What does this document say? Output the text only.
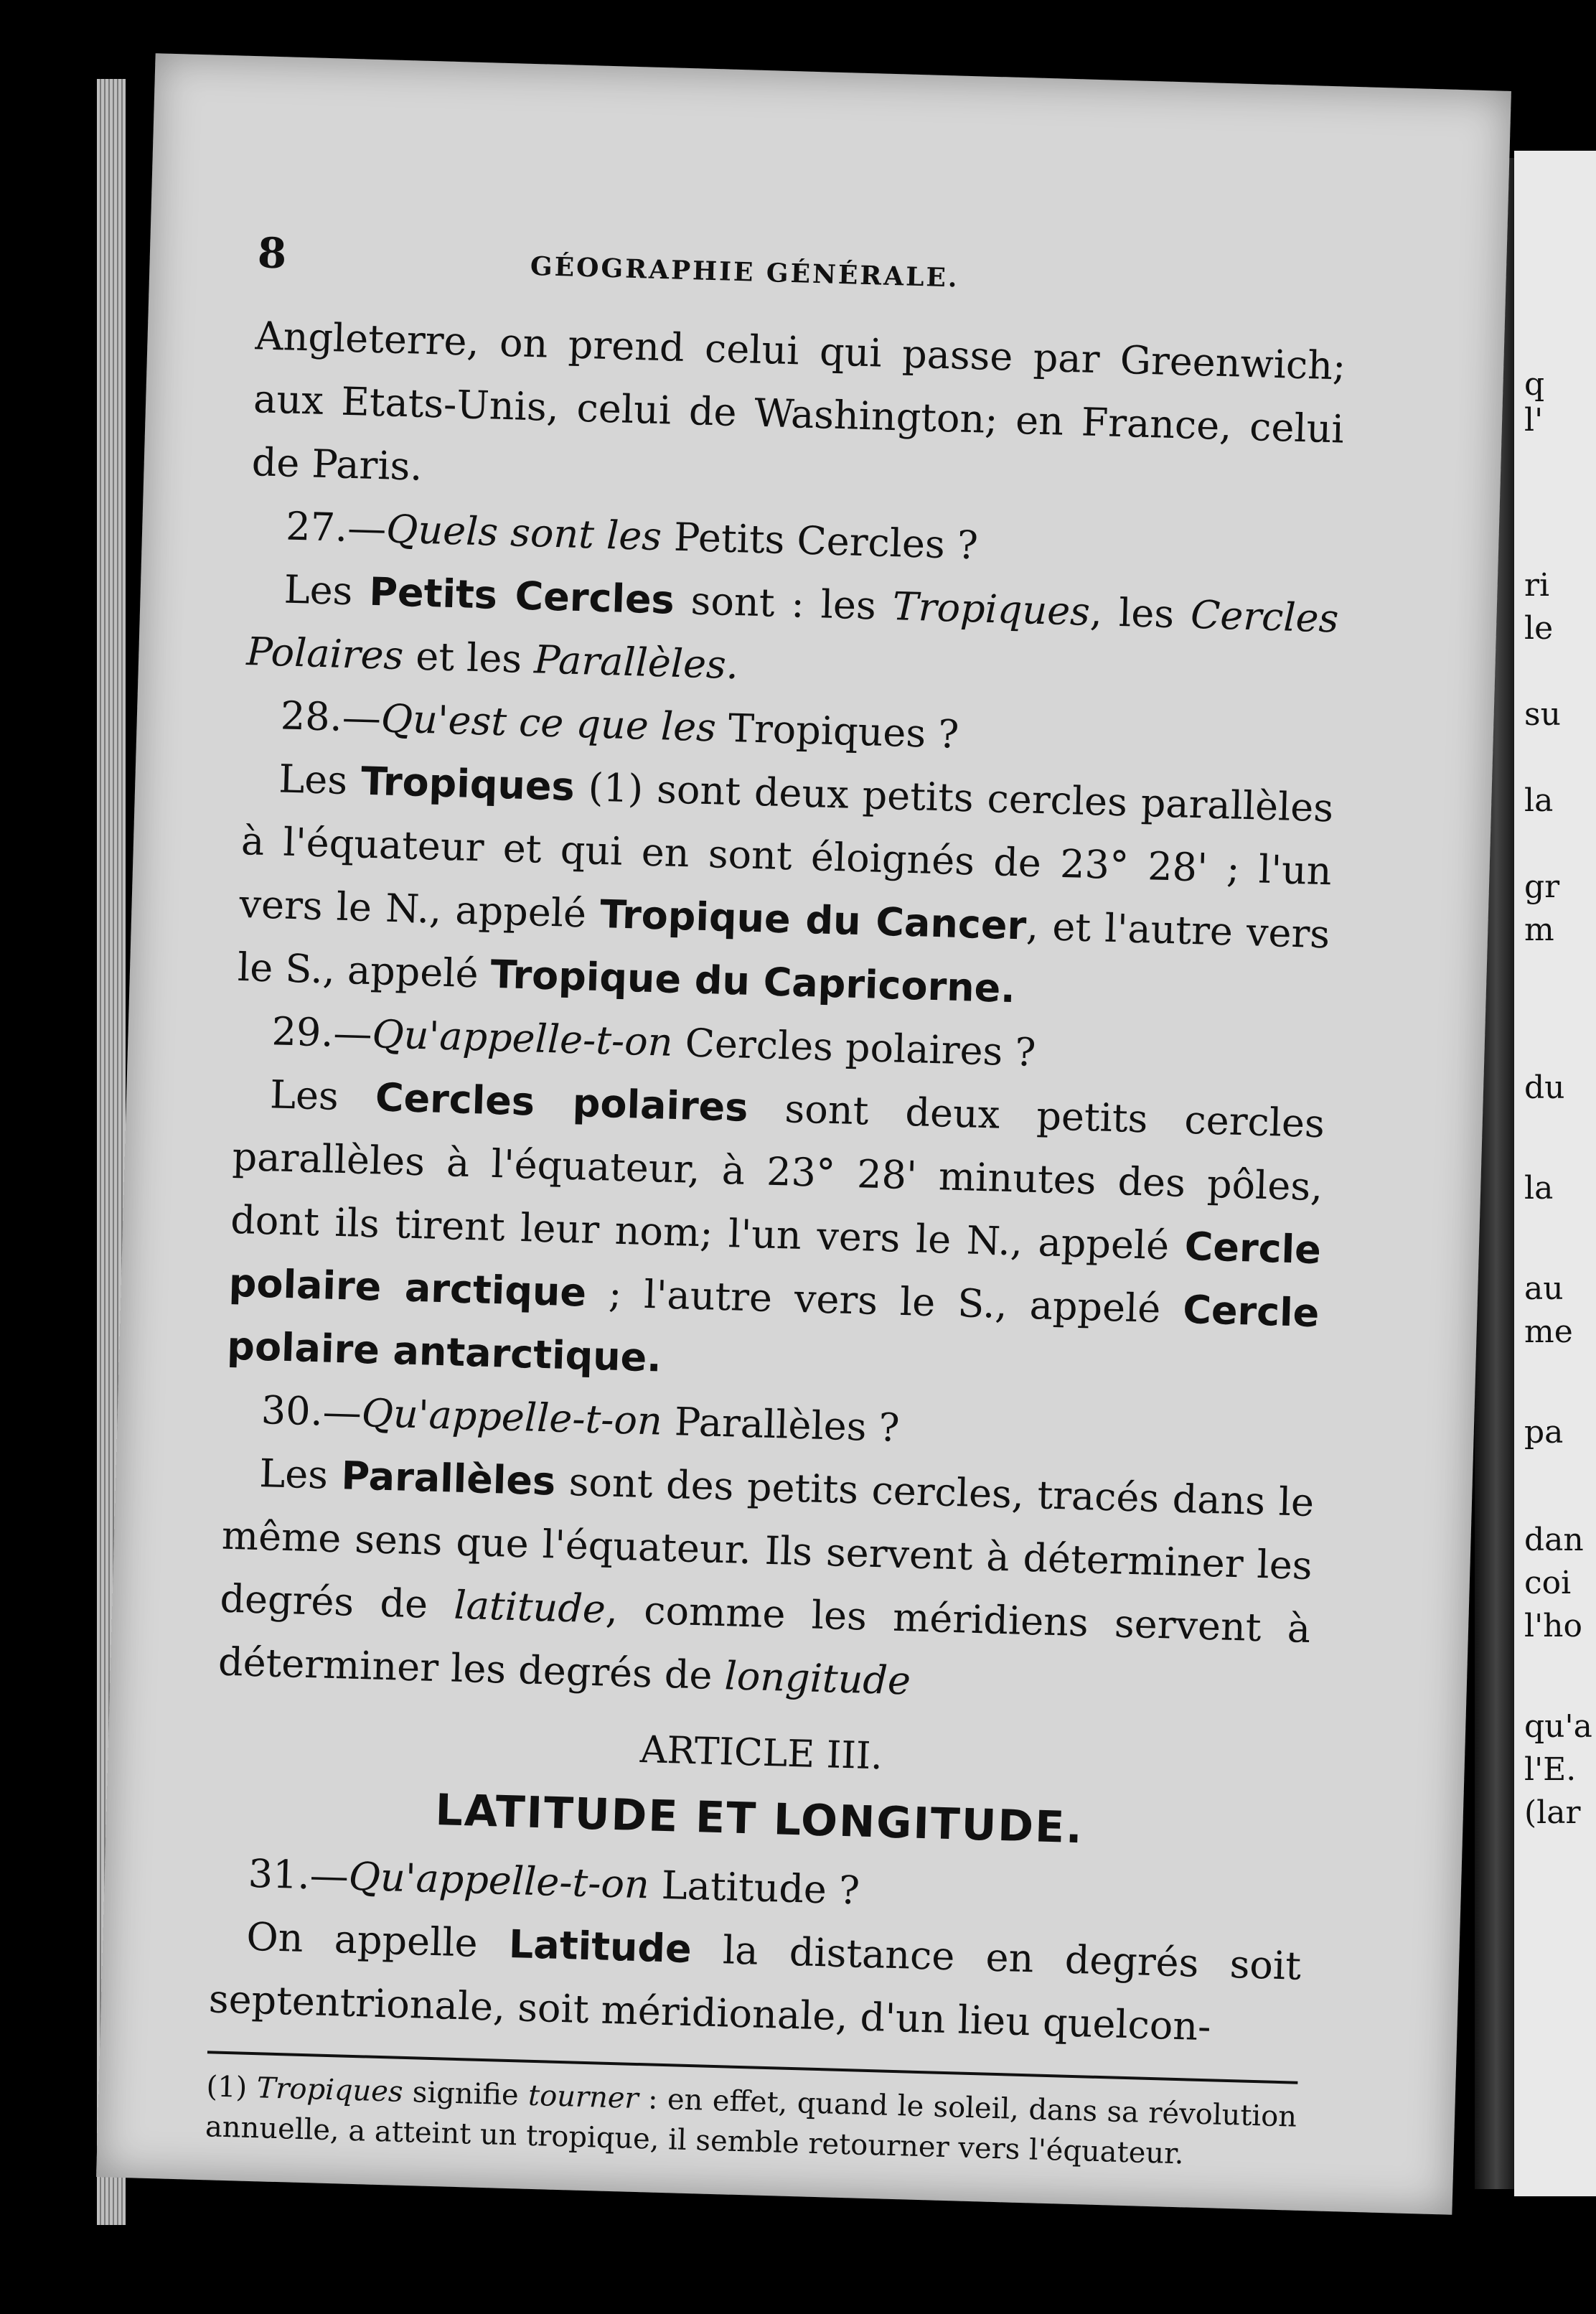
q
l'
ri
le
su
la
gr
m
du
la
au
me
pa
dan
coi
l'ho
qu'a
l'E.
(lar
8	GÉOGRAPHIE GÉNÉRALE.

Angleterre, on prend celui qui passe par Greenwich; aux Etats-Unis, celui de Washington; en France, celui de Paris.

27.—Quels sont les Petits Cercles ?

Les Petits Cercles sont : les Tropiques, les Cercles Polaires et les Parallèles.

28.—Qu'est ce que les Tropiques ?

Les Tropiques (1) sont deux petits cercles parallèles à l'équateur et qui en sont éloignés de 23° 28' ; l'un vers le N., appelé Tropique du Cancer, et l'autre vers le S., appelé Tropique du Capricorne.

29.—Qu'appelle-t-on Cercles polaires ?

Les Cercles polaires sont deux petits cercles parallèles à l'équateur, à 23° 28' minutes des pôles, dont ils tirent leur nom; l'un vers le N., appelé Cercle polaire arctique ; l'autre vers le S., appelé Cercle polaire antarctique.

30.—Qu'appelle-t-on Parallèles ?

Les Parallèles sont des petits cercles, tracés dans le même sens que l'équateur. Ils servent à déterminer les degrés de latitude, comme les méridiens servent à déterminer les degrés de longitude

ARTICLE III.
LATITUDE ET LONGITUDE.

31.—Qu'appelle-t-on Latitude ?

On appelle Latitude la distance en degrés soit septentrionale, soit méridionale, d'un lieu quelcon-

(1) Tropiques signifie tourner : en effet, quand le soleil, dans sa révolution annuelle, a atteint un tropique, il semble retourner vers l'équateur.
